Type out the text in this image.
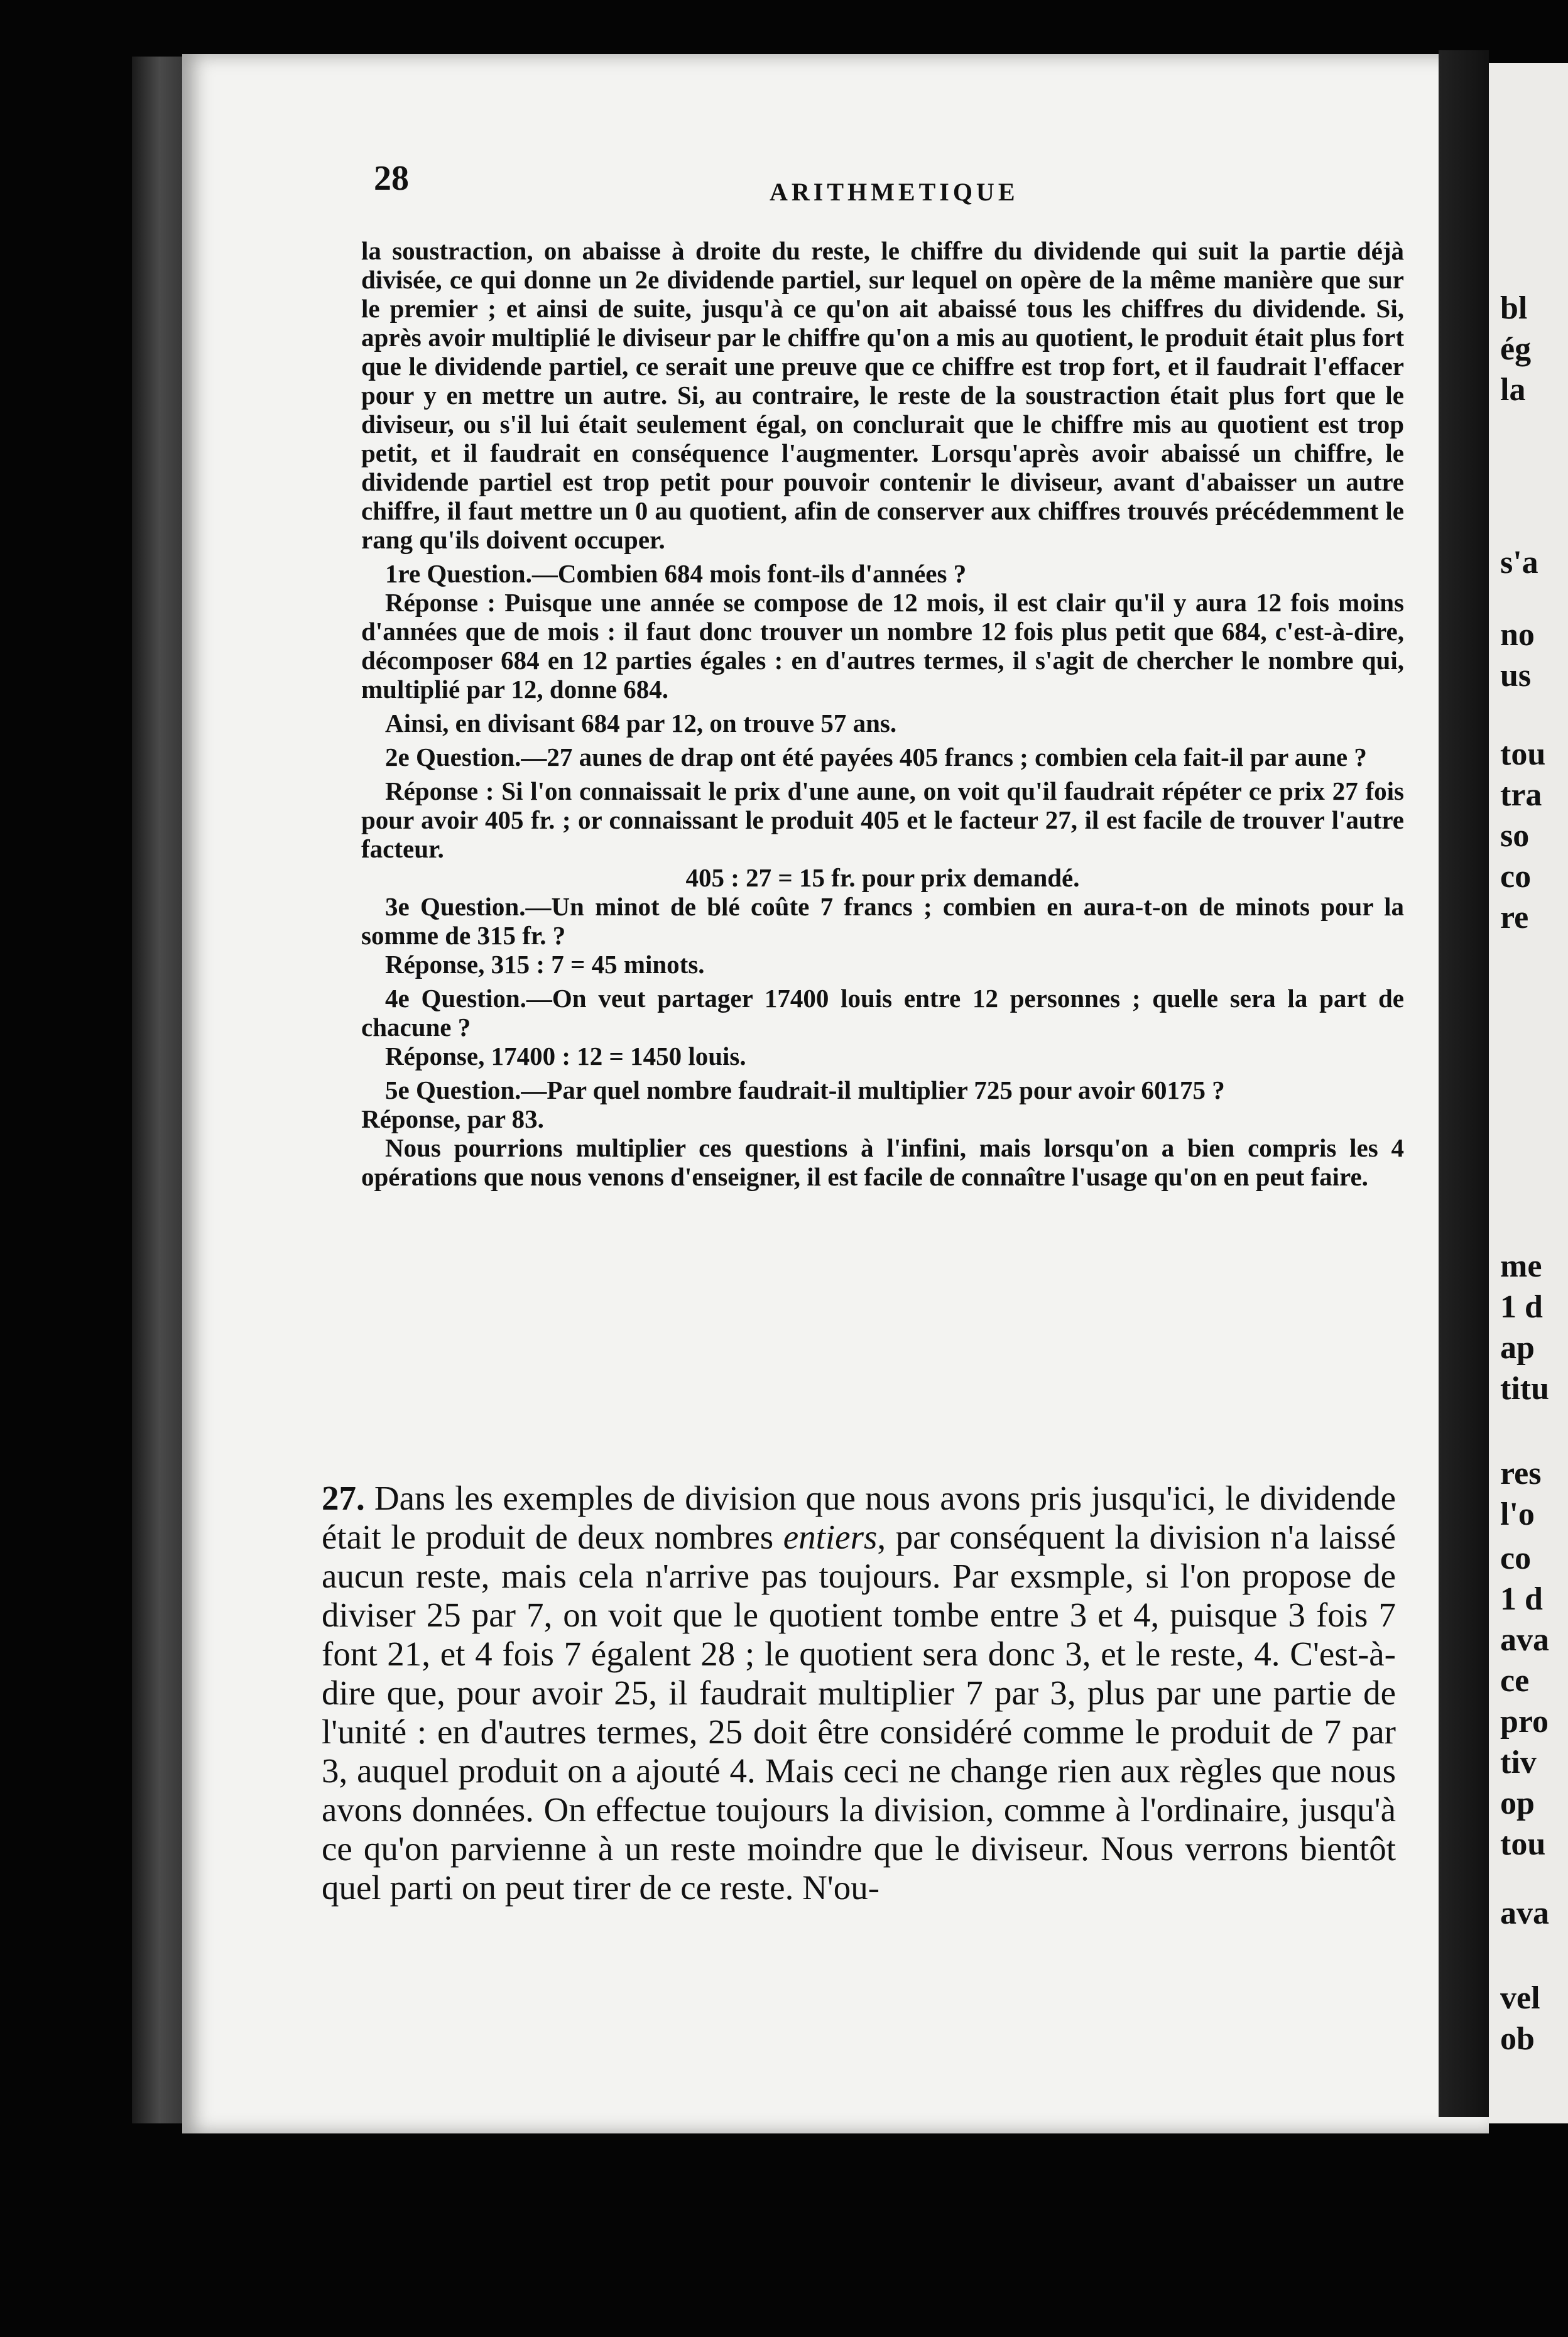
28	ARITHMETIQUE

la soustraction, on abaisse à droite du reste, le chiffre du dividende qui suit la partie déjà divisée, ce qui donne un 2e dividende partiel, sur lequel on opère de la même manière que sur le premier ; et ainsi de suite, jusqu'à ce qu'on ait abaissé tous les chiffres du dividende. Si, après avoir multiplié le diviseur par le chiffre qu'on a mis au quotient, le produit était plus fort que le dividende partiel, ce serait une preuve que ce chiffre est trop fort, et il faudrait l'effacer pour y en mettre un autre. Si, au contraire, le reste de la soustraction était plus fort que le diviseur, ou s'il lui était seulement égal, on conclurait que le chiffre mis au quotient est trop petit, et il faudrait en conséquence l'augmenter. Lorsqu'après avoir abaissé un chiffre, le dividende partiel est trop petit pour pouvoir contenir le diviseur, avant d'abaisser un autre chiffre, il faut mettre un 0 au quotient, afin de conserver aux chiffres trouvés précédemment le rang qu'ils doivent occuper.

1re Question.—Combien 684 mois font-ils d'années ?

Réponse : Puisque une année se compose de 12 mois, il est clair qu'il y aura 12 fois moins d'années que de mois : il faut donc trouver un nombre 12 fois plus petit que 684, c'est-à-dire, décomposer 684 en 12 parties égales : en d'autres termes, il s'agit de chercher le nombre qui, multiplié par 12, donne 684.

Ainsi, en divisant 684 par 12, on trouve 57 ans.

2e Question.—27 aunes de drap ont été payées 405 francs ; combien cela fait-il par aune ?

Réponse : Si l'on connaissait le prix d'une aune, on voit qu'il faudrait répéter ce prix 27 fois pour avoir 405 fr. ; or connaissant le produit 405 et le facteur 27, il est facile de trouver l'autre facteur.

405 : 27 = 15 fr. pour prix demandé.

3e Question.—Un minot de blé coûte 7 francs ; combien en aura-t-on de minots pour la somme de 315 fr. ?

Réponse, 315 : 7 = 45 minots.

4e Question.—On veut partager 17400 louis entre 12 personnes ; quelle sera la part de chacune ?

Réponse, 17400 : 12 = 1450 louis.

5e Question.—Par quel nombre faudrait-il multiplier 725 pour avoir 60175 ?

Réponse, par 83.

Nous pourrions multiplier ces questions à l'infini, mais lorsqu'on a bien compris les 4 opérations que nous venons d'enseigner, il est facile de connaître l'usage qu'on en peut faire.

27. Dans les exemples de division que nous avons pris jusqu'ici, le dividende était le produit de deux nombres entiers, par conséquent la division n'a laissé aucun reste, mais cela n'arrive pas toujours. Par exsmple, si l'on propose de diviser 25 par 7, on voit que le quotient tombe entre 3 et 4, puisque 3 fois 7 font 21, et 4 fois 7 égalent 28 ; le quotient sera donc 3, et le reste, 4. C'est-à-dire que, pour avoir 25, il faudrait multiplier 7 par 3, plus par une partie de l'unité : en d'autres termes, 25 doit être considéré comme le produit de 7 par 3, auquel produit on a ajouté 4. Mais ceci ne change rien aux règles que nous avons données. On effectue toujours la division, comme à l'ordinaire, jusqu'à ce qu'on parvienne à un reste moindre que le diviseur. Nous verrons bientôt quel parti on peut tirer de ce reste. N'ou-

bl
ég
la
s'a
no
us
tou
tra
so
co
re
me
1 d
ap
titu
res
l'o
co
1 d
ava
ce
pro
tiv
op
tou
ava
vel
ob
